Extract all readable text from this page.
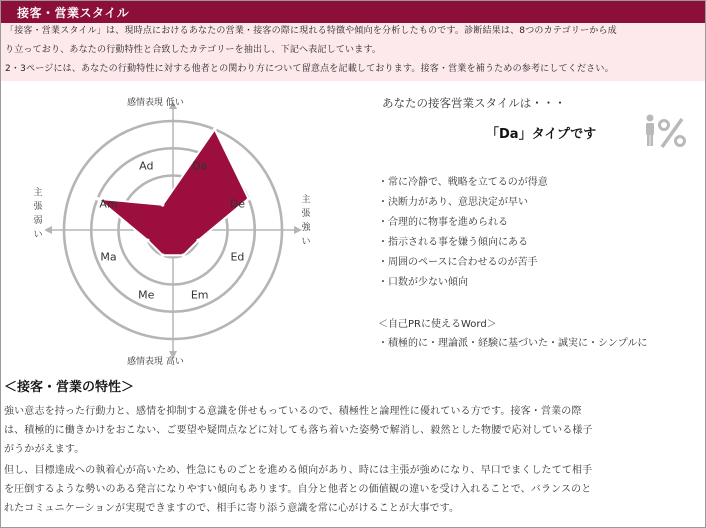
接客・営業スタイル

「接客・営業スタイル」は、現時点におけるあなたの営業・接客の際に現れる特徴や傾向を分析したものです。診断結果は、8つのカテゴリーから成

り立っており、あなたの行動特性と合致したカテゴリーを抽出し、下記へ表記しています。

2・3ページには、あなたの行動特性に対する他者との関わり方について留意点を記載しております。接客・営業を補うための参考にしてください。

Da
De
Ed
Em
Me
Ma
Am
Ad
感情表現 低い
感情表現 高い
主張弱い
主張強い
あなたの接客営業スタイルは・・・
「Da」タイプです
・常に冷静で、戦略を立てるのが得意
・決断力があり、意思決定が早い
・合理的に物事を進められる
・指示される事を嫌う傾向にある
・周囲のペースに合わせるのが苦手
・口数が少ない傾向
＜自己PRに使えるWord＞
・積極的に・理論派・経験に基づいた・誠実に・シンプルに
＜接客・営業の特性＞
強い意志を持った行動力と、感情を抑制する意識を併せもっているので、積極性と論理性に優れている方です。接客・営業の際
は、積極的に働きかけをおこない、ご要望や疑問点などに対しても落ち着いた姿勢で解消し、毅然とした物腰で応対している様子
がうかがえます。
但し、目標達成への執着心が高いため、性急にものごとを進める傾向があり、時には主張が強めになり、早口でまくしたてて相手
を圧倒するような勢いのある発言になりやすい傾向もあります。自分と他者との価値観の違いを受け入れることで、バランスのと
れたコミュニケーションが実現できますので、相手に寄り添う意識を常に心がけることが大事です。
